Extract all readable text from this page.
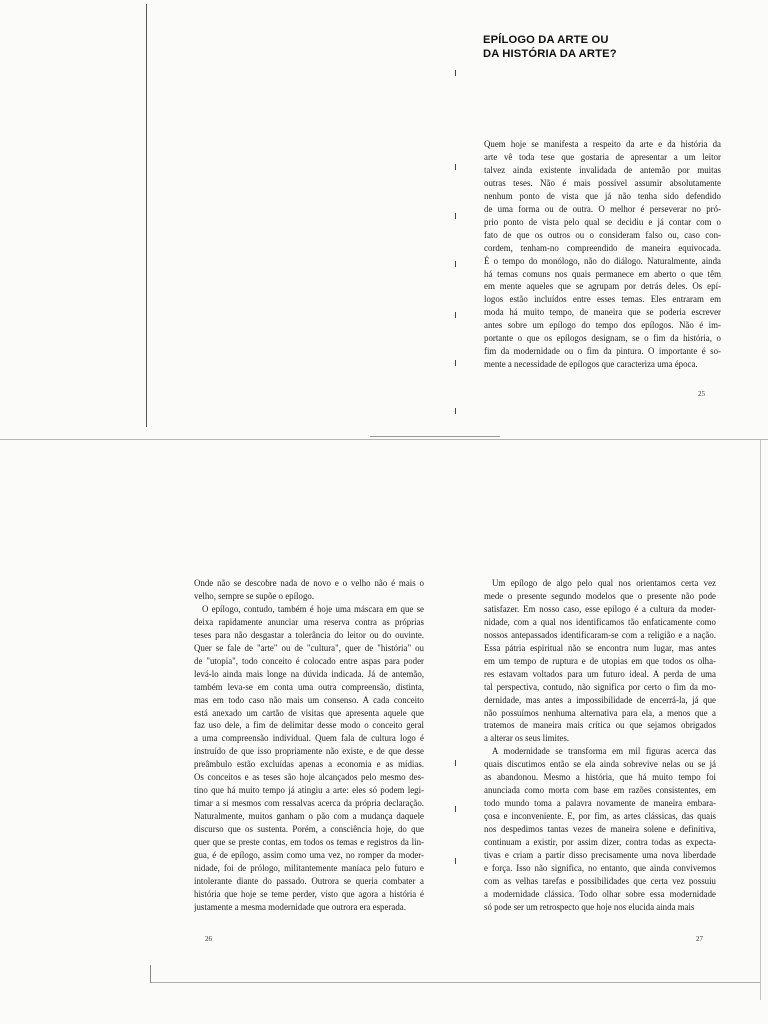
EPÍLOGO DA ARTE OU
DA HISTÓRIA DA ARTE?
Quem hoje se manifesta a respeito da arte e da história da
arte vê toda tese que gostaria de apresentar a um leitor
talvez ainda existente invalidada de antemão por muitas
outras teses. Não é mais possível assumir absolutamente
nenhum ponto de vista que já não tenha sido defendido
de uma forma ou de outra. O melhor é perseverar no pró-
prio ponto de vista pelo qual se decidiu e já contar com o
fato de que os outros ou o consideram falso ou, caso con-
cordem, tenham-no compreendido de maneira equivocada.
É o tempo do monólogo, não do diálogo. Naturalmente, ainda
há temas comuns nos quais permanece em aberto o que têm
em mente aqueles que se agrupam por detrás deles. Os epí-
logos estão incluídos entre esses temas. Eles entraram em
moda há muito tempo, de maneira que se poderia escrever
antes sobre um epílogo do tempo dos epílogos. Não é im-
portante o que os epílogos designam, se o fim da história, o
fim da modernidade ou o fim da pintura. O importante é so-
mente a necessidade de epílogos que caracteriza uma época.
25
Onde não se descobre nada de novo e o velho não é mais o
velho, sempre se supõe o epílogo.
O epílogo, contudo, também é hoje uma máscara em que se
deixa rapidamente anunciar uma reserva contra as próprias
teses para não desgastar a tolerância do leitor ou do ouvinte.
Quer se fale de "arte" ou de "cultura", quer de "história" ou
de "utopia", todo conceito é colocado entre aspas para poder
levá-lo ainda mais longe na dúvida indicada. Já de antemão,
também leva-se em conta uma outra compreensão, distinta,
mas em todo caso não mais um consenso. A cada conceito
está anexado um cartão de visitas que apresenta aquele que
faz uso dele, a fim de delimitar desse modo o conceito geral
a uma compreensão individual. Quem fala de cultura logo é
instruído de que isso propriamente não existe, e de que desse
preâmbulo estão excluídas apenas a economia e as mídias.
Os conceitos e as teses são hoje alcançados pelo mesmo des-
tino que há muito tempo já atingiu a arte: eles só podem legi-
timar a si mesmos com ressalvas acerca da própria declaração.
Naturalmente, muitos ganham o pão com a mudança daquele
discurso que os sustenta. Porém, a consciência hoje, do que
quer que se preste contas, em todos os temas e registros da lin-
gua, é de epílogo, assim como uma vez, no romper da moder-
nidade, foi de prólogo, militantemente maníaca pelo futuro e
intolerante diante do passado. Outrora se queria combater a
história que hoje se teme perder, visto que agora a história é
justamente a mesma modernidade que outrora era esperada.
26
Um epílogo de algo pelo qual nos orientamos certa vez
mede o presente segundo modelos que o presente não pode
satisfazer. Em nosso caso, esse epílogo é a cultura da moder-
nidade, com a qual nos identificamos tão enfaticamente como
nossos antepassados identificaram-se com a religião e a nação.
Essa pátria espiritual não se encontra num lugar, mas antes
em um tempo de ruptura e de utopias em que todos os olha-
res estavam voltados para um futuro ideal. A perda de uma
tal perspectiva, contudo, não significa por certo o fim da mo-
dernidade, mas antes a impossibilidade de encerrá-la, já que
não possuímos nenhuma alternativa para ela, a menos que a
tratemos de maneira mais crítica ou que sejamos obrigados
a alterar os seus limites.
A modernidade se transforma em mil figuras acerca das
quais discutimos então se ela ainda sobrevive nelas ou se já
as abandonou. Mesmo a história, que há muito tempo foi
anunciada como morta com base em razões consistentes, em
todo mundo toma a palavra novamente de maneira embara-
çosa e inconveniente. E, por fim, as artes clássicas, das quais
nos despedimos tantas vezes de maneira solene e definitiva,
continuam a existir, por assim dizer, contra todas as expecta-
tivas e criam a partir disso precisamente uma nova liberdade
e força. Isso não significa, no entanto, que ainda convivemos
com as velhas tarefas e possibilidades que certa vez possuiu
a modernidade clássica. Todo olhar sobre essa modernidade
só pode ser um retrospecto que hoje nos elucida ainda mais
27
